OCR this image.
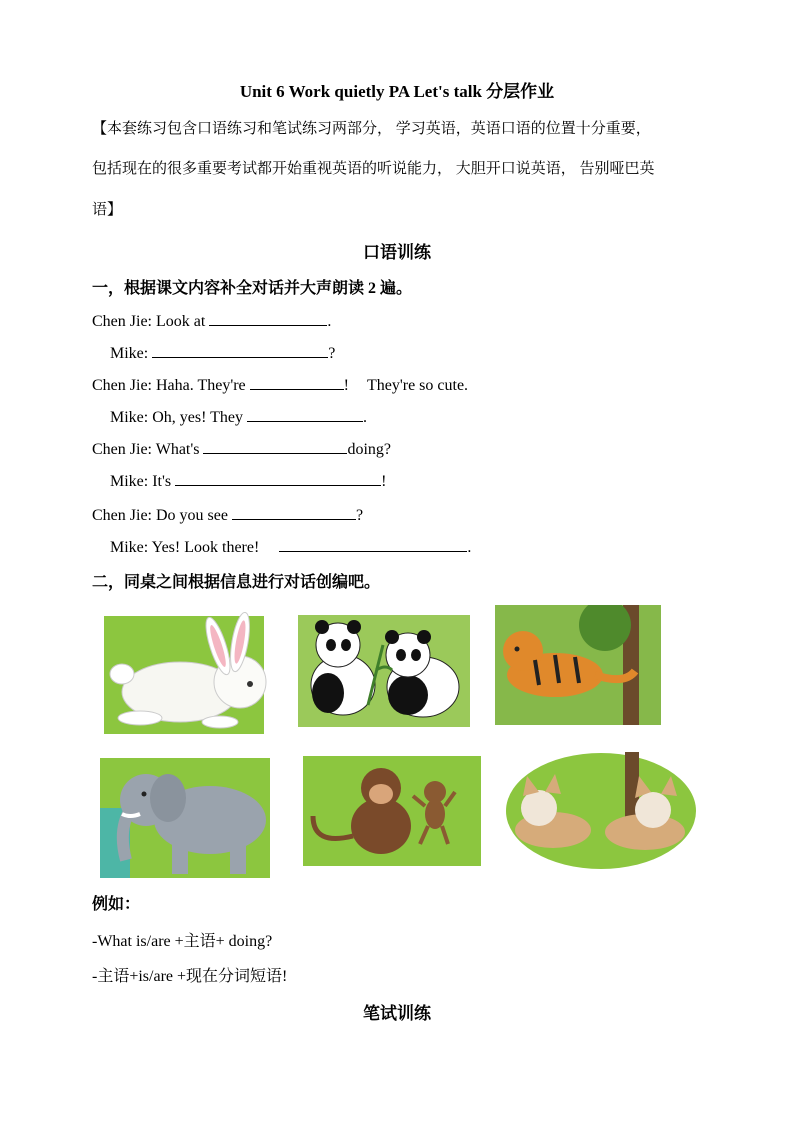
Unit 6 Work quietly PA Let's talk 分层作业
【本套练习包含口语练习和笔试练习两部分， 学习英语，英语口语的位置十分重要，
包括现在的很多重要考试都开始重视英语的听说能力， 大胆开口说英语， 告别哑巴英
语】
口语训练
一，根据课文内容补全对话并大声朗读 2 遍。
Chen Jie: Look at	.
Mike:	?
Chen Jie: Haha. They're	! They're so cute.
Mike: Oh, yes! They	.
Chen Jie: What's	doing?
Mike: It's	!
Chen Jie: Do you see	?
Mike: Yes! Look there!	.
二，同桌之间根据信息进行对话创编吧。
例如：
-What is/are +主语+ doing?
-主语+is/are +现在分词短语!
笔试训练
